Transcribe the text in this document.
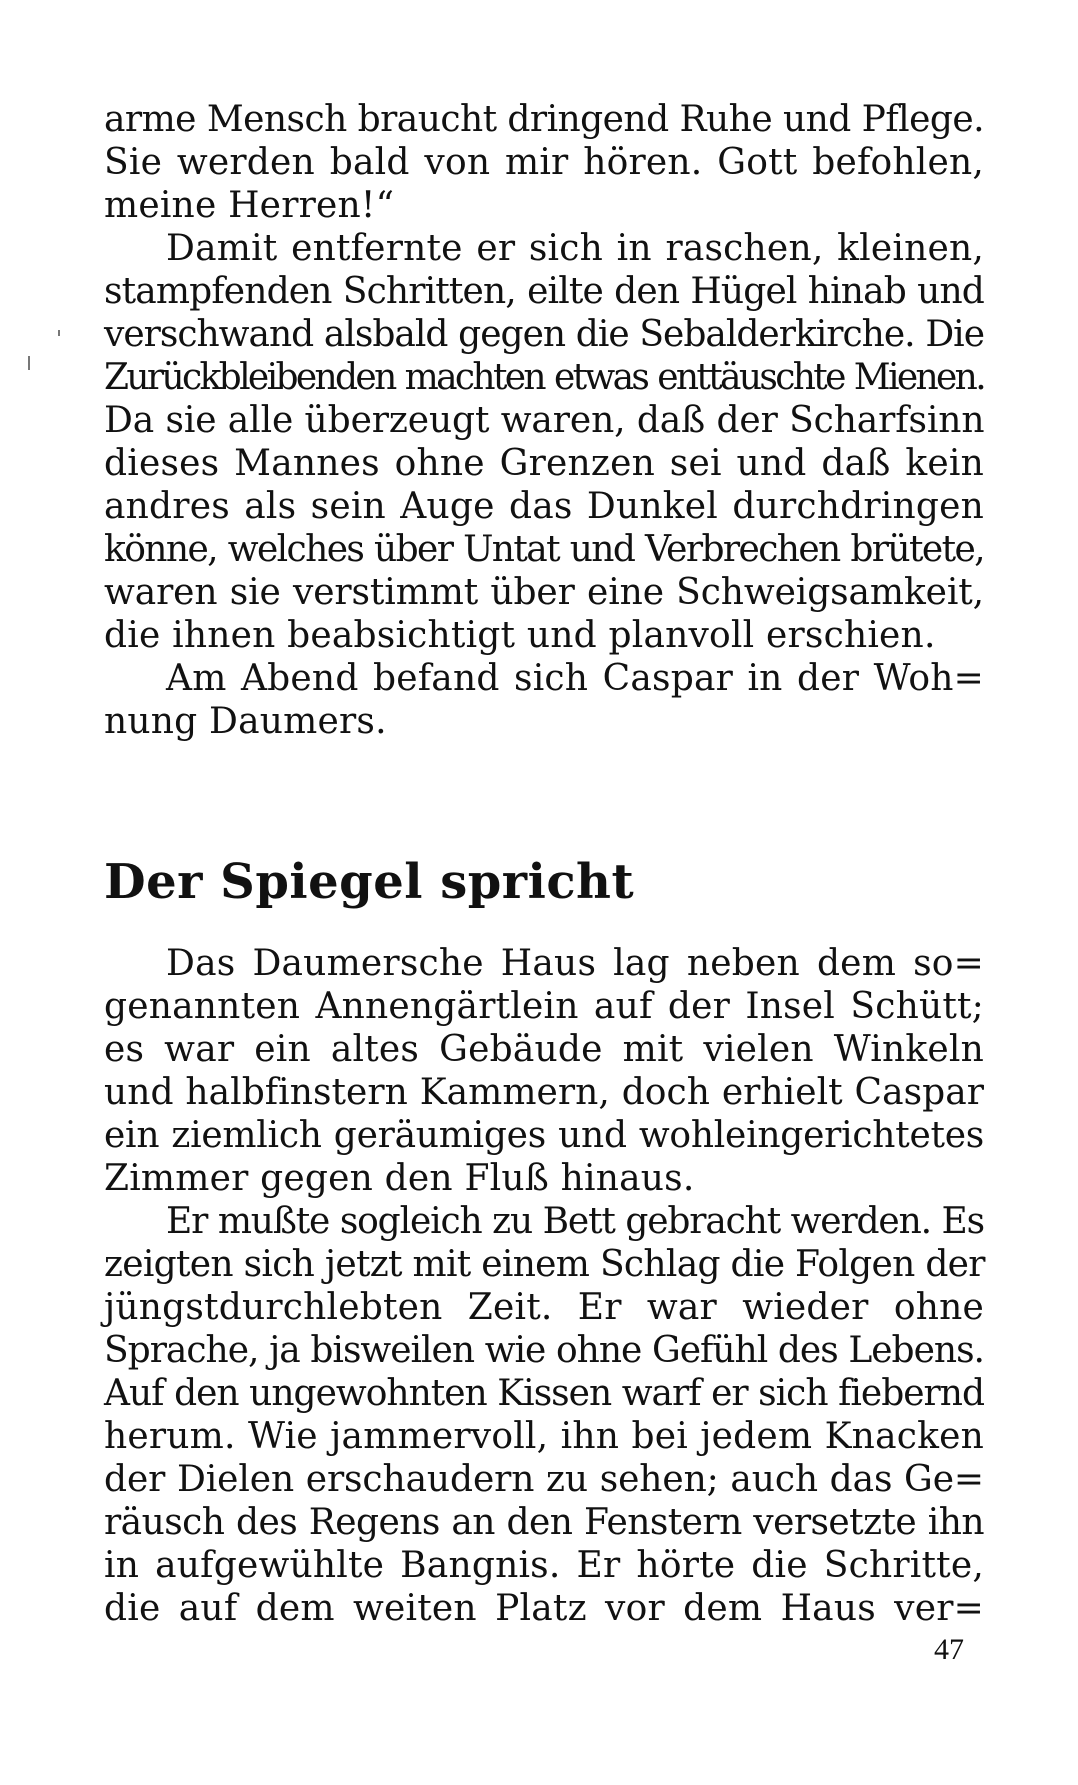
arme Mensch braucht dringend Ruhe und Pflege.
Sie werden bald von mir hören. Gott befohlen,
meine Herren!“
Damit entfernte er sich in raschen, kleinen,
stampfenden Schritten, eilte den Hügel hinab und
verschwand alsbald gegen die Sebalderkirche. Die
Zurückbleibenden machten etwas enttäuschte Mienen.
Da sie alle überzeugt waren, daß der Scharfsinn
dieses Mannes ohne Grenzen sei und daß kein
andres als sein Auge das Dunkel durchdringen
könne, welches über Untat und Verbrechen brütete,
waren sie verstimmt über eine Schweigsamkeit,
die ihnen beabsichtigt und planvoll erschien.
Am Abend befand sich Caspar in der Woh=
nung Daumers.
Der Spiegel spricht
Das Daumersche Haus lag neben dem so=
genannten Annengärtlein auf der Insel Schütt;
es war ein altes Gebäude mit vielen Winkeln
und halbfinstern Kammern, doch erhielt Caspar
ein ziemlich geräumiges und wohleingerichtetes
Zimmer gegen den Fluß hinaus.
Er mußte sogleich zu Bett gebracht werden. Es
zeigten sich jetzt mit einem Schlag die Folgen der
jüngstdurchlebten Zeit. Er war wieder ohne
Sprache, ja bisweilen wie ohne Gefühl des Lebens.
Auf den ungewohnten Kissen warf er sich fiebernd
herum. Wie jammervoll, ihn bei jedem Knacken
der Dielen erschaudern zu sehen; auch das Ge=
räusch des Regens an den Fenstern versetzte ihn
in aufgewühlte Bangnis. Er hörte die Schritte,
die auf dem weiten Platz vor dem Haus ver=
47
